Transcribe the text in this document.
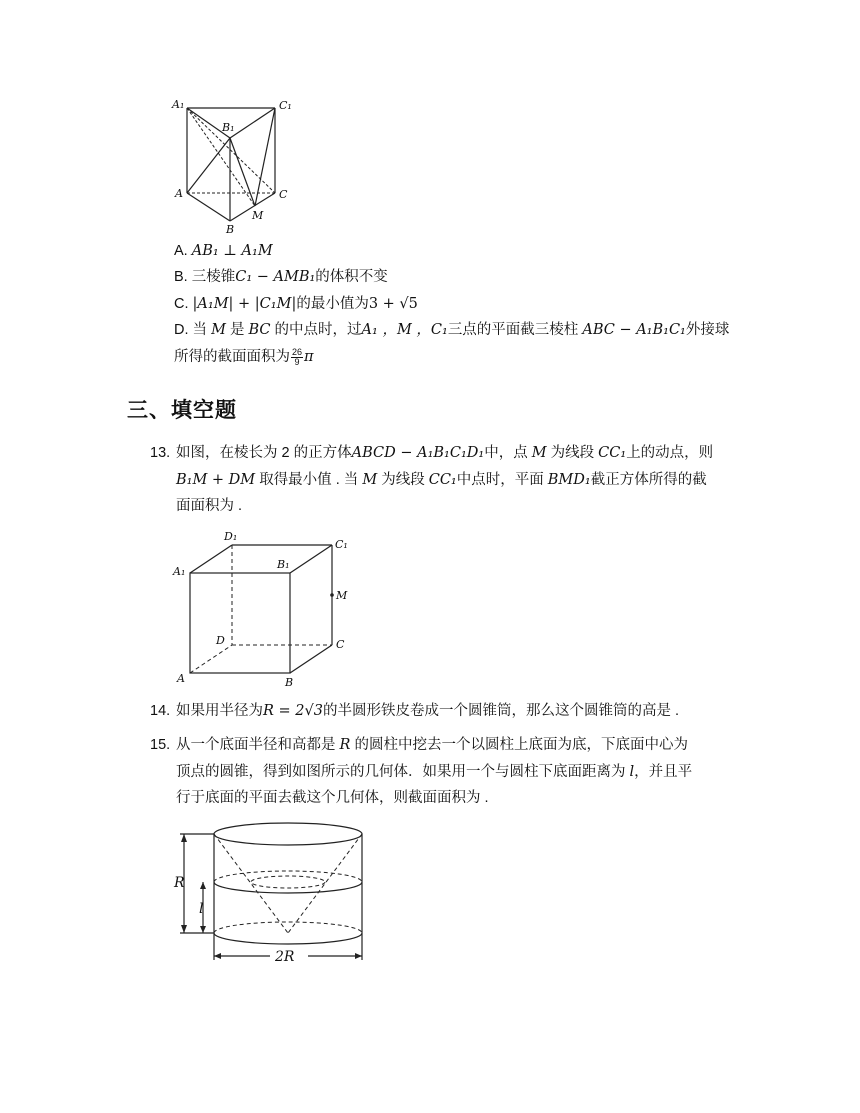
A₁
B₁
C₁
A	C
M
B
A. AB₁ ⊥ A₁M
B. 三棱锥C₁ − AMB₁的体积不变
C. |A₁M| + |C₁M|的最小值为3 + √5
D. 当 M 是 BC 的中点时，过A₁ ，M ，C₁三点的平面截三棱柱 ABC − A₁B₁C₁外接球
所得的截面面积为 $\frac{26}{9}$ π
三、填空题
13. 如图，在棱长为 2 的正方体ABCD − A₁B₁C₁D₁中，点 M 为线段 CC₁上的动点，则
B₁M + DM 取得最小值 . 当 M 为线段 CC₁中点时，平面 BMD₁截正方体所得的截
面面积为 .
D₁
C₁
A₁
B₁
M
D	C
A	B
14. 如果用半径为R = 2√3的半圆形铁皮卷成一个圆锥筒，那么这个圆锥筒的高是 .
15. 从一个底面半径和高都是 R 的圆柱中挖去一个以圆柱上底面为底，下底面中心为
顶点的圆锥，得到如图所示的几何体．如果用一个与圆柱下底面距离为 l，并且平
行于底面的平面去截这个几何体，则截面面积为 .
R
l
2R
